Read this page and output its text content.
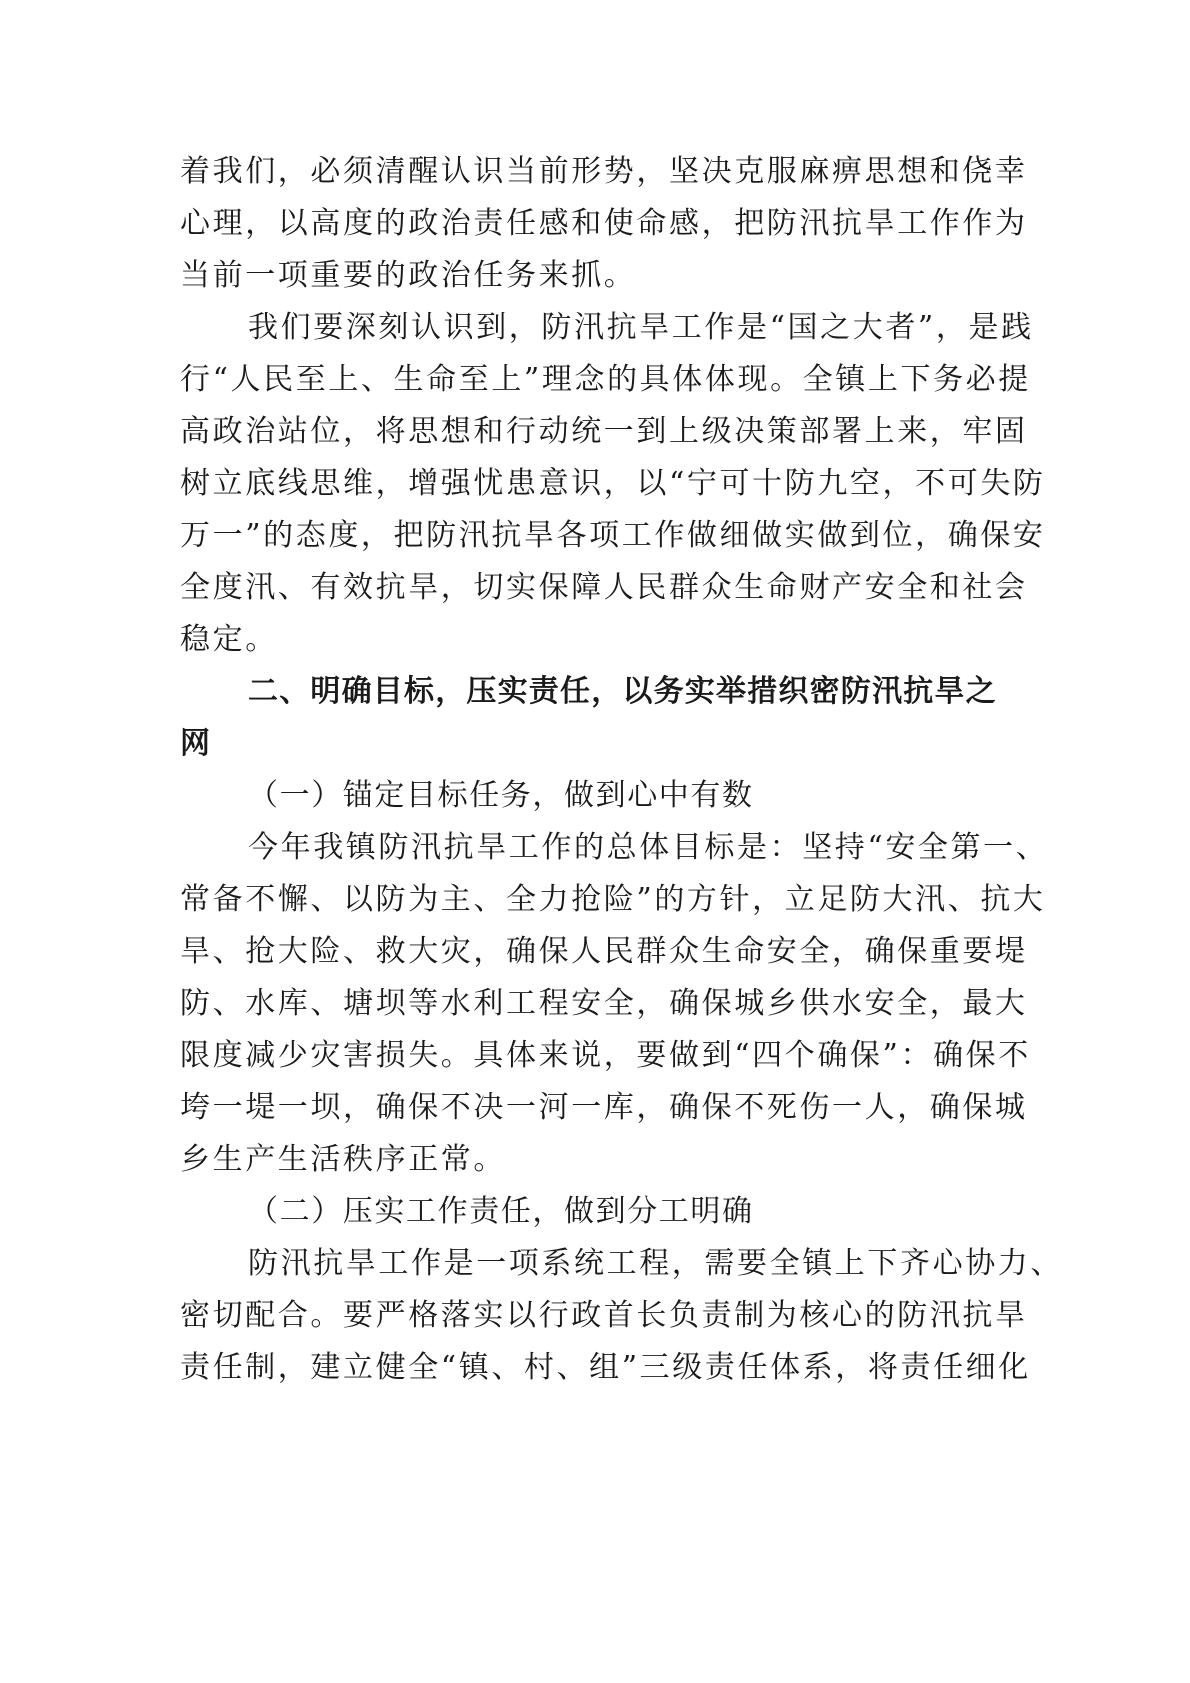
着我们，必须清醒认识当前形势，坚决克服麻痹思想和侥幸
心理，以高度的政治责任感和使命感，把防汛抗旱工作作为
当前一项重要的政治任务来抓。
我们要深刻认识到，防汛抗旱工作是“国之大者”，是践
行“人民至上、生命至上”理念的具体体现。全镇上下务必提
高政治站位，将思想和行动统一到上级决策部署上来，牢固
树立底线思维，增强忧患意识，以“宁可十防九空，不可失防
万一”的态度，把防汛抗旱各项工作做细做实做到位，确保安
全度汛、有效抗旱，切实保障人民群众生命财产安全和社会
稳定。
二、明确目标，压实责任，以务实举措织密防汛抗旱之
网
（一）锚定目标任务，做到心中有数
今年我镇防汛抗旱工作的总体目标是：坚持“安全第一、
常备不懈、以防为主、全力抢险”的方针，立足防大汛、抗大
旱、抢大险、救大灾，确保人民群众生命安全，确保重要堤
防、水库、塘坝等水利工程安全，确保城乡供水安全，最大
限度减少灾害损失。具体来说，要做到“四个确保”：确保不
垮一堤一坝，确保不决一河一库，确保不死伤一人，确保城
乡生产生活秩序正常。
（二）压实工作责任，做到分工明确
防汛抗旱工作是一项系统工程，需要全镇上下齐心协力、
密切配合。要严格落实以行政首长负责制为核心的防汛抗旱
责任制，建立健全“镇、村、组”三级责任体系，将责任细化
